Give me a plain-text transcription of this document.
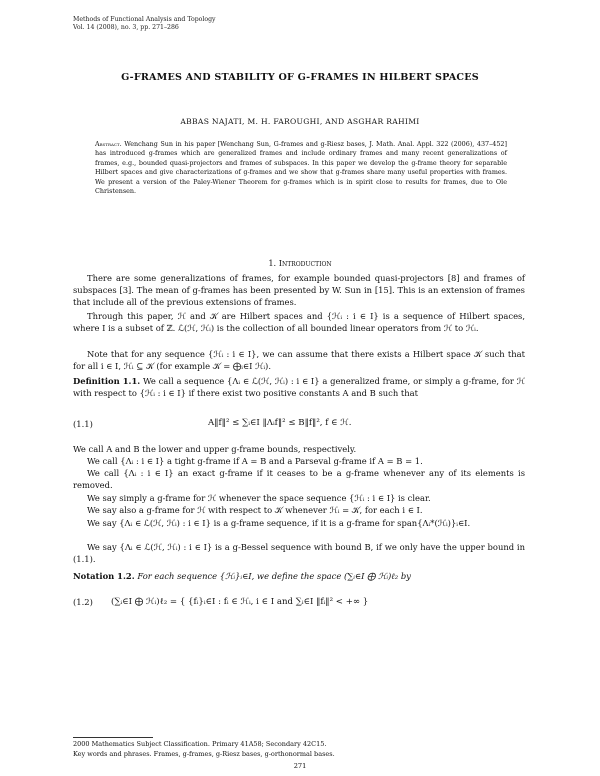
Methods of Functional Analysis and Topology
Vol. 14 (2008), no. 3, pp. 271–286
G-FRAMES AND STABILITY OF G-FRAMES IN HILBERT SPACES
ABBAS NAJATI, M. H. FAROUGHI, AND ASGHAR RAHIMI
Abstract. Wenchang Sun in his paper [Wenchang Sun, G-frames and g-Riesz bases, J. Math. Anal. Appl. 322 (2006), 437–452] has introduced g-frames which are generalized frames and include ordinary frames and many recent generalizations of frames, e.g., bounded quasi-projectors and frames of subspaces. In this paper we develop the g-frame theory for separable Hilbert spaces and give characterizations of g-frames and we show that g-frames share many useful properties with frames. We present a version of the Paley-Wiener Theorem for g-frames which is in spirit close to results for frames, due to Ole Christensen.
1. Introduction
There are some generalizations of frames, for example bounded quasi-projectors [8] and frames of subspaces [3]. The mean of g-frames has been presented by W. Sun in [15]. This is an extension of frames that include all of the previous extensions of frames.
Through this paper, ℋ and 𝒦 are Hilbert spaces and {ℋᵢ : i ∈ I} is a sequence of Hilbert spaces, where I is a subset of ℤ. ℒ(ℋ, ℋᵢ) is the collection of all bounded linear operators from ℋ to ℋᵢ.
Note that for any sequence {ℋᵢ : i ∈ I}, we can assume that there exists a Hilbert space 𝒦 such that for all i ∈ I, ℋᵢ ⊆ 𝒦 (for example 𝒦 = ⨁ᵢ∈I ℋᵢ).
Definition 1.1. We call a sequence {Λᵢ ∈ ℒ(ℋ, ℋᵢ) : i ∈ I} a generalized frame, or simply a g-frame, for ℋ with respect to {ℋᵢ : i ∈ I} if there exist two positive constants A and B such that
(1.1)	A‖f‖² ≤ ∑ᵢ∈I ‖Λᵢf‖² ≤ B‖f‖², f ∈ ℋ.
We call A and B the lower and upper g-frame bounds, respectively.
We call {Λᵢ : i ∈ I} a tight g-frame if A = B and a Parseval g-frame if A = B = 1.
We call {Λᵢ : i ∈ I} an exact g-frame if it ceases to be a g-frame whenever any of its elements is removed.
We say simply a g-frame for ℋ whenever the space sequence {ℋᵢ : i ∈ I} is clear.
We say also a g-frame for ℋ with respect to 𝒦 whenever ℋᵢ = 𝒦, for each i ∈ I.
We say {Λᵢ ∈ ℒ(ℋ, ℋᵢ) : i ∈ I} is a g-frame sequence, if it is a g-frame for span{Λᵢ*(ℋᵢ)}ᵢ∈I.
We say {Λᵢ ∈ ℒ(ℋ, ℋᵢ) : i ∈ I} is a g-Bessel sequence with bound B, if we only have the upper bound in (1.1).
Notation 1.2. For each sequence {ℋᵢ}ᵢ∈I, we define the space (∑ᵢ∈I ⨁ ℋᵢ)ℓ₂ by
(1.2) (∑ᵢ∈I ⨁ ℋᵢ)ℓ₂ = { {fᵢ}ᵢ∈I : fᵢ ∈ ℋᵢ, i ∈ I and ∑ᵢ∈I ‖fᵢ‖² < +∞ }
2000 Mathematics Subject Classification. Primary 41A58; Secondary 42C15.
Key words and phrases. Frames, g-frames, g-Riesz bases, g-orthonormal bases.
271
